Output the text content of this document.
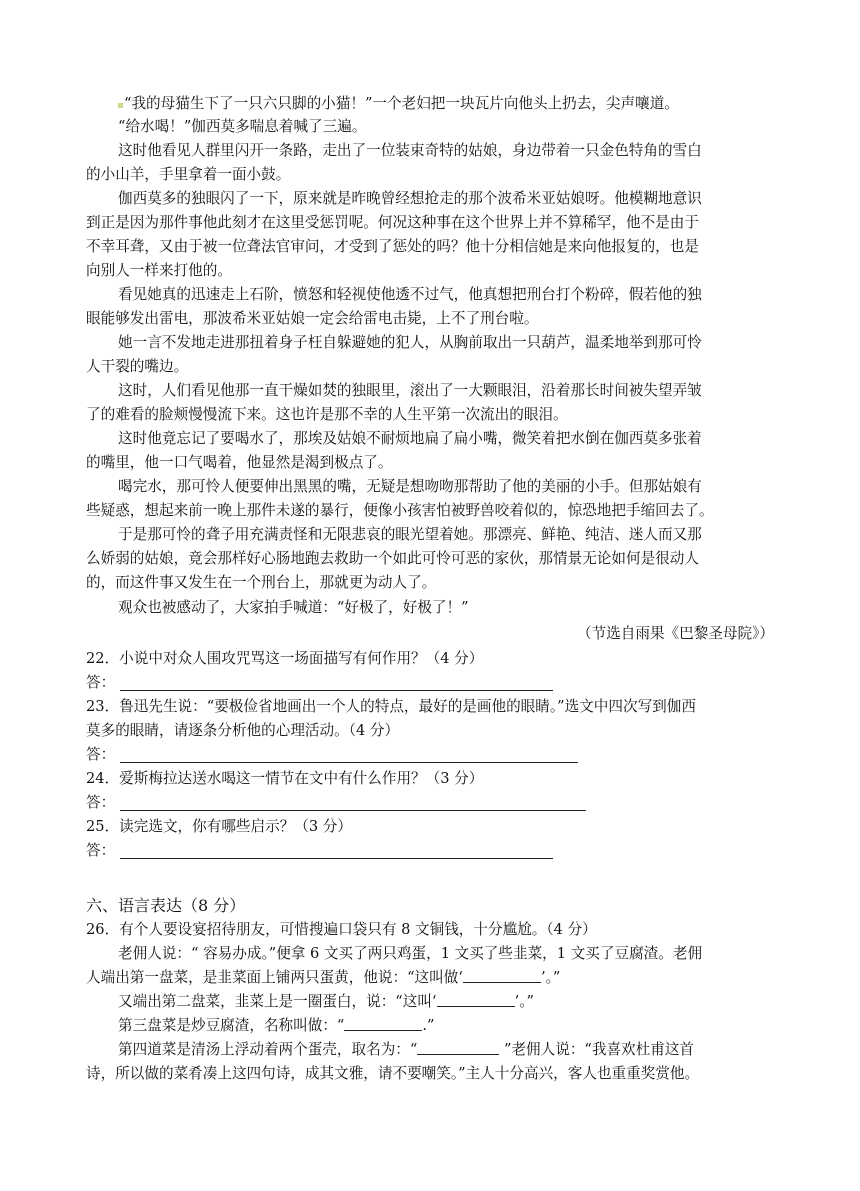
“我的母猫生下了一只六只脚的小猫！”一个老妇把一块瓦片向他头上扔去，尖声嚷道。
“给水喝！”伽西莫多喘息着喊了三遍。
这时他看见人群里闪开一条路，走出了一位装束奇特的姑娘，身边带着一只金色特角的雪白
的小山羊，手里拿着一面小鼓。
伽西莫多的独眼闪了一下，原来就是昨晚曾经想抢走的那个波希米亚姑娘呀。他模糊地意识
到正是因为那件事他此刻才在这里受惩罚呢。何况这种事在这个世界上并不算稀罕，他不是由于
不幸耳聋，又由于被一位聋法官审问，才受到了惩处的吗？他十分相信她是来向他报复的，也是
向别人一样来打他的。
看见她真的迅速走上石阶，愤怒和轻视使他透不过气，他真想把刑台打个粉碎，假若他的独
眼能够发出雷电，那波希米亚姑娘一定会给雷电击毙，上不了刑台啦。
她一言不发地走进那扭着身子枉自躲避她的犯人，从胸前取出一只葫芦，温柔地举到那可怜
人干裂的嘴边。
这时，人们看见他那一直干燥如焚的独眼里，滚出了一大颗眼泪，沿着那长时间被失望弄皱
了的难看的脸颊慢慢流下来。这也许是那不幸的人生平第一次流出的眼泪。
这时他竟忘记了要喝水了，那埃及姑娘不耐烦地扁了扁小嘴，微笑着把水倒在伽西莫多张着
的嘴里，他一口气喝着，他显然是渴到极点了。
喝完水，那可怜人便要伸出黑黑的嘴，无疑是想吻吻那帮助了他的美丽的小手。但那姑娘有
些疑惑，想起来前一晚上那件未遂的暴行，便像小孩害怕被野兽咬着似的，惊恐地把手缩回去了。
于是那可怜的聋子用充满责怪和无限悲哀的眼光望着她。那漂亮、鲜艳、纯洁、迷人而又那
么娇弱的姑娘，竟会那样好心肠地跑去救助一个如此可怜可恶的家伙，那情景无论如何是很动人
的，而这件事又发生在一个刑台上，那就更为动人了。
观众也被感动了，大家拍手喊道：“好极了，好极了！”
（节选自雨果《巴黎圣母院》）
22．小说中对众人围攻咒骂这一场面描写有何作用？（4 分）
答：
23．鲁迅先生说：“要极俭省地画出一个人的特点，最好的是画他的眼睛。”选文中四次写到伽西
莫多的眼睛，请逐条分析他的心理活动。（4 分）
答：
24．爱斯梅拉达送水喝这一情节在文中有什么作用？（3 分）
答：
25．读完选文，你有哪些启示？（3 分）
答：
六、语言表达（8 分）
26．有个人要设宴招待朋友，可惜搜遍口袋只有 8 文铜钱，十分尴尬。（4 分）
老佣人说：“ 容易办成。”便拿 6 文买了两只鸡蛋，1 文买了些韭菜，1 文买了豆腐渣。老佣
人端出第一盘菜，是韭菜面上铺两只蛋黄，他说：“这叫做‘	’。”
又端出第二盘菜，韭菜上是一圈蛋白，说：“这叫‘	’。”
第三盘菜是炒豆腐渣，名称叫做：“	.”
第四道菜是清汤上浮动着两个蛋壳，取名为：“	”老佣人说：“我喜欢杜甫这首
诗，所以做的菜肴凑上这四句诗，成其文雅，请不要嘲笑。”主人十分高兴，客人也重重奖赏他。
